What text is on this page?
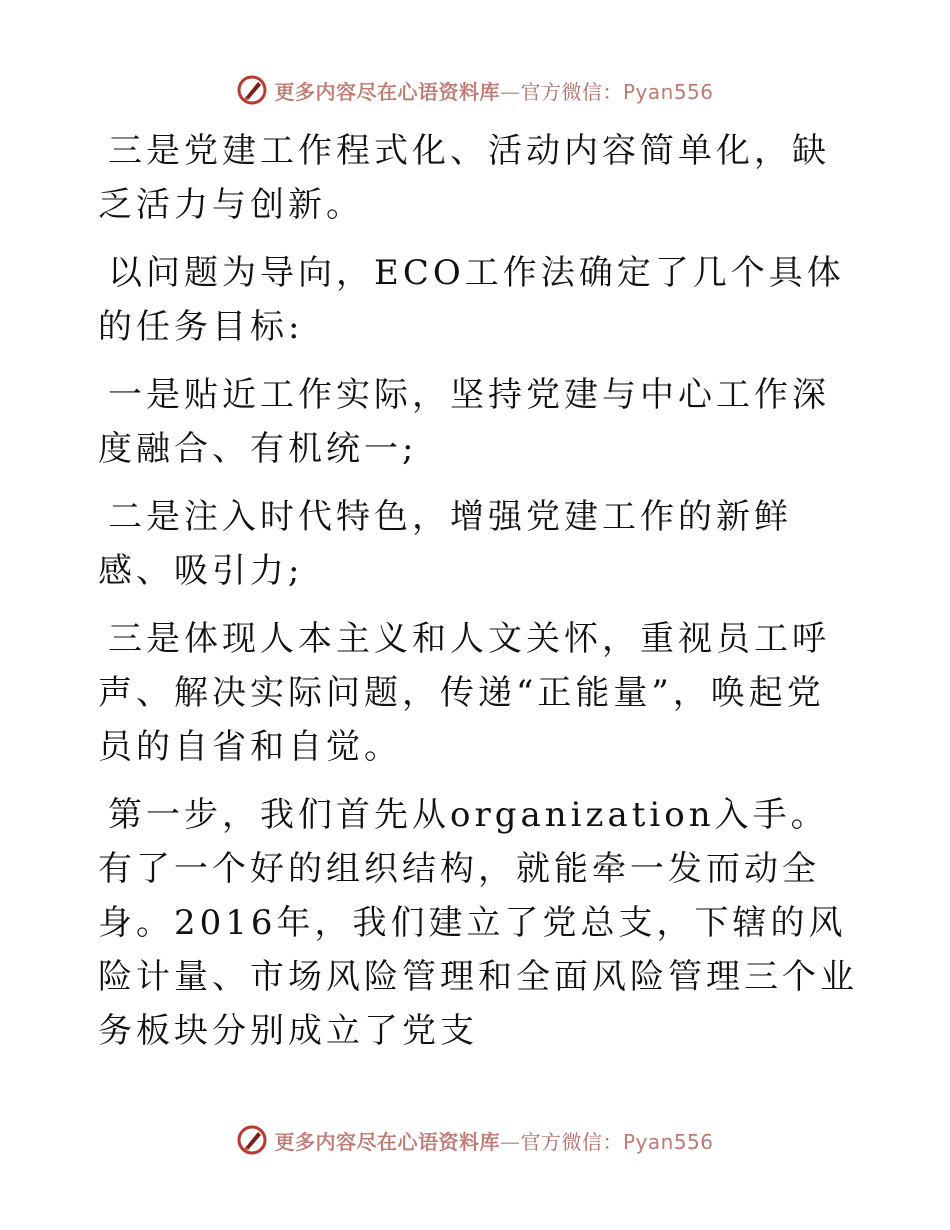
更多内容尽在心语资料库—官方微信：Pyan556

三是党建工作程式化、活动内容简单化，缺乏活力与创新。

以问题为导向，ECO工作法确定了几个具体的任务目标:

一是贴近工作实际，坚持党建与中心工作深度融合、有机统一;

二是注入时代特色，增强党建工作的新鲜感、吸引力;

三是体现人本主义和人文关怀，重视员工呼声、解决实际问题，传递“正能量”，唤起党员的自省和自觉。

第一步，我们首先从organization入手。有了一个好的组织结构，就能牵一发而动全身。2016年，我们建立了党总支，下辖的风险计量、市场风险管理和全面风险管理三个业务板块分别成立了党支

更多内容尽在心语资料库—官方微信：Pyan556
